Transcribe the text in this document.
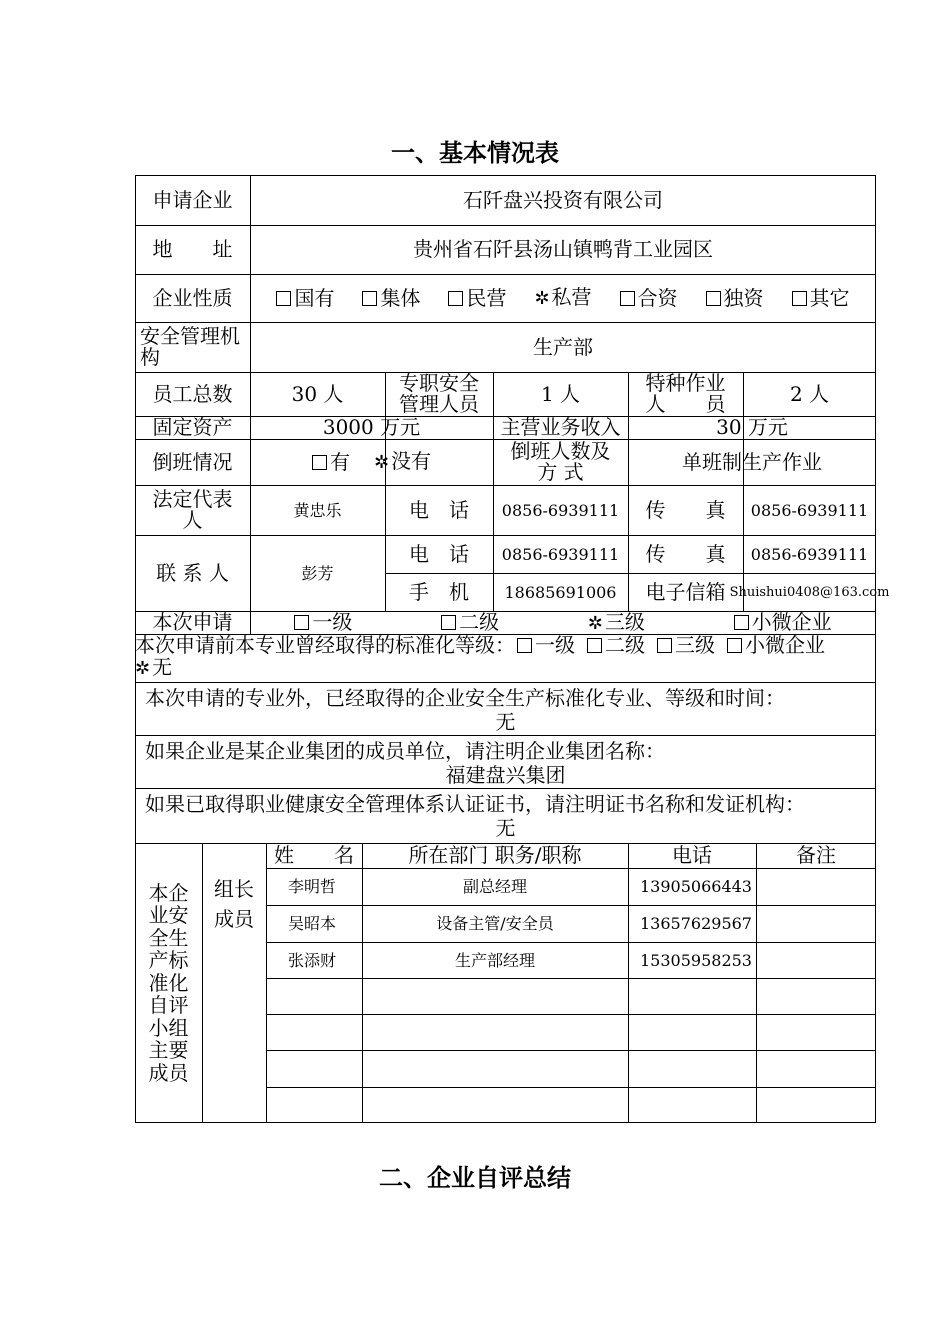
一、基本情况表
申请企业	石阡盘兴投资有限公司
地　　址	贵州省石阡县汤山镇鸭背工业园区
企业性质	国有	集体	民营 ✲ 私营	合资	独资	其它
安全管理机构	生产部
员工总数	30 人	专职安全管理人员	1 人	特种作业人　　员	2 人
固定资产	3000 万元	主营业务收入	30 万元
倒班情况	有 ✲ 没有	倒班人数及 方 式	单班制生产作业
法定代表人	黄忠乐	电　话	0856-6939111	传　　真	0856-6939111
联 系 人	彭芳
电　话	0856-6939111	传　　真	0856-6939111
手　机	18685691006	电子信箱 Shuishui0408@163.com
本次申请	一级	二级	✲ 三级	小微企业
本次申请前本专业曾经取得的标准化等级： 一级 二级 三级 小微企业
✲ 无
本次申请的专业外，已经取得的企业安全生产标准化专业、等级和时间：
无
如果企业是某企业集团的成员单位，请注明企业集团名称：
福建盘兴集团
如果已取得职业健康安全管理体系认证证书，请注明证书名称和发证机构：
无
本企业安全生产标准化自评小组主要成员
组长
成员
姓　　名	所在部门 职务/职称	电话	备注
李明哲	副总经理	13905066443
吴昭本	设备主管/安全员	13657629567
张添财	生产部经理	15305958253
二、企业自评总结
